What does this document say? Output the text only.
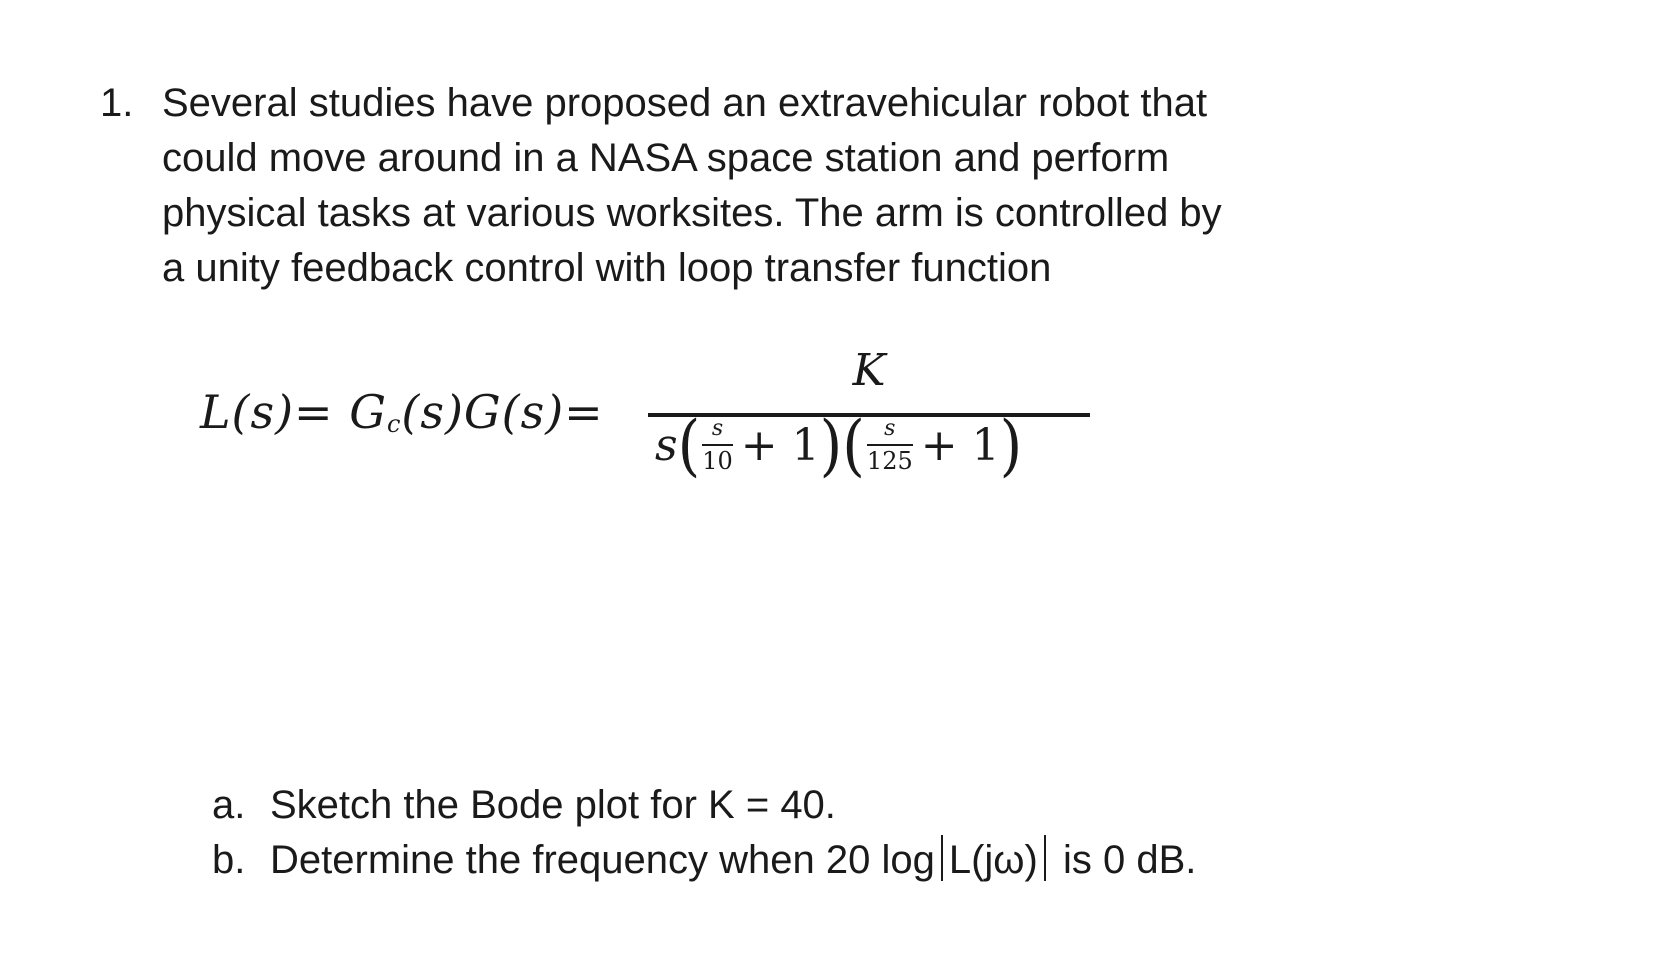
1. Several studies have proposed an extravehicular robot that
could move around in a NASA space station and perform
physical tasks at various worksites. The arm is controlled by
a unity feedback control with loop transfer function
$L(s)= G_c(s)G(s)=$
K
$s( \frac{s}{10} + 1)( \frac{s}{125} + 1)$
a. Sketch the Bode plot for K = 40.
b. Determine the frequency when 20 log L(jω) is 0 dB.
